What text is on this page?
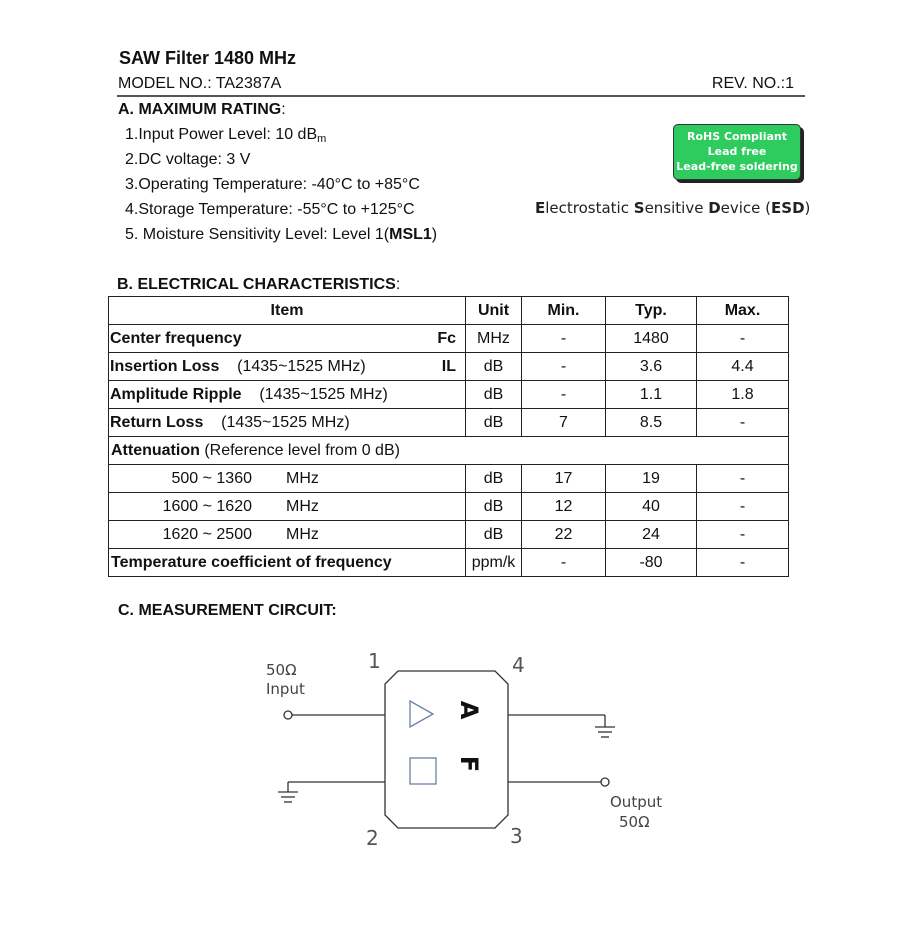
SAW Filter 1480 MHz
MODEL NO.: TA2387A	REV. NO.:1
A. MAXIMUM RATING:
1.Input Power Level: 10 $dB_m$
2.DC voltage: 3 V
3.Operating Temperature: -40°C to +85°C
4.Storage Temperature: -55°C to +125°C
5. Moisture Sensitivity Level: Level 1(MSL1)
RoHS Compliant
Lead free
Lead-free soldering
Electrostatic Sensitive Device (ESD)
B. ELECTRICAL CHARACTERISTICS:
Item	Unit	Min.	Typ.	Max.

Center frequency Fc	MHz	-	1480	-

Insertion Loss (1435~1525 MHz) IL	dB	-	3.6	4.4

Amplitude Ripple (1435~1525 MHz)	dB	-	1.1	1.8

Return Loss (1435~1525 MHz)	dB	7	8.5	-
Attenuation (Reference level from 0 dB)				
500 ~ 1360 MHz	dB	17	19	-
1600 ~ 1620 MHz	dB	12	40	-
1620 ~ 2500 MHz	dB	22	24	-
Temperature coefficient of frequency	ppm/k	-	-80	-
C. MEASUREMENT CIRCUIT:
50Ω
Input
A
F
1
2	3
4
Output
50Ω
